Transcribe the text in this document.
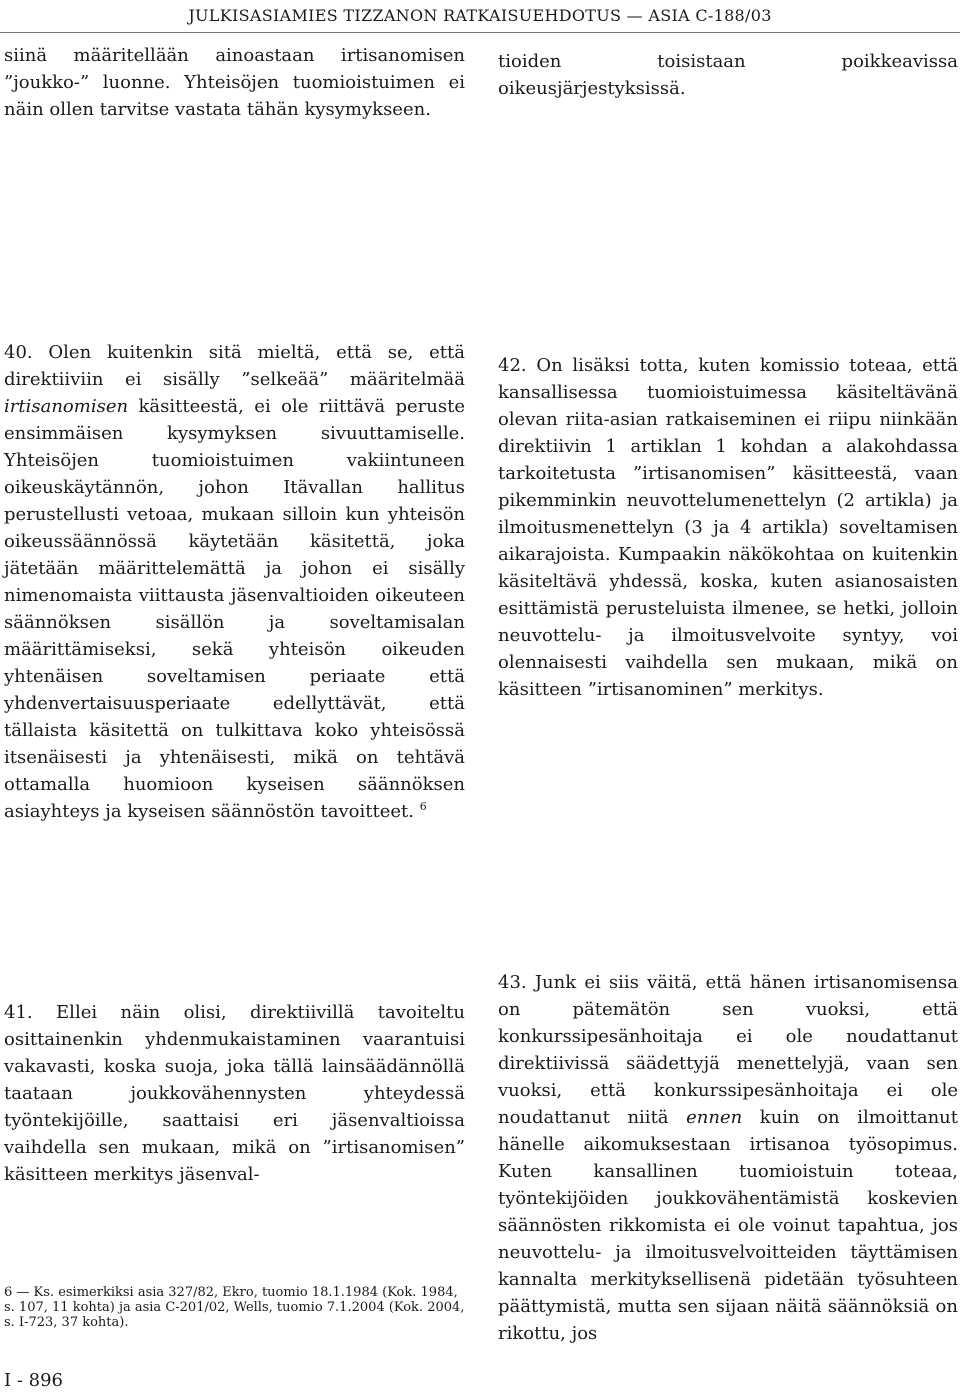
JULKISASIAMIES TIZZANON RATKAISUEHDOTUS — ASIA C-188/03

siinä määritellään ainoastaan irtisanomisen ”joukko-” luonne. Yhteisöjen tuomioistuimen ei näin ollen tarvitse vastata tähän kysymykseen.

tioiden toisistaan poikkeavissa oikeusjärjestyksissä.

40. Olen kuitenkin sitä mieltä, että se, että direktiiviin ei sisälly ”selkeää” määritelmää irtisanomisen käsitteestä, ei ole riittävä peruste ensimmäisen kysymyksen sivuuttamiselle. Yhteisöjen tuomioistuimen vakiintuneen oikeuskäytännön, johon Itävallan hallitus perustellusti vetoaa, mukaan silloin kun yhteisön oikeussäännössä käytetään käsitettä, joka jätetään määrittelemättä ja johon ei sisälly nimenomaista viittausta jäsenvaltioiden oikeuteen säännöksen sisällön ja soveltamisalan määrittämiseksi, sekä yhteisön oikeuden yhtenäisen soveltamisen periaate että yhdenvertaisuusperiaate edellyttävät, että tällaista käsitettä on tulkittava koko yhteisössä itsenäisesti ja yhtenäisesti, mikä on tehtävä ottamalla huomioon kyseisen säännöksen asiayhteys ja kyseisen säännöstön tavoitteet. $^6$

42. On lisäksi totta, kuten komissio toteaa, että kansallisessa tuomioistuimessa käsiteltävänä olevan riita-asian ratkaiseminen ei riipu niinkään direktiivin 1 artiklan 1 kohdan a alakohdassa tarkoitetusta ”irtisanomisen” käsitteestä, vaan pikemminkin neuvottelumenettelyn (2 artikla) ja ilmoitusmenettelyn (3 ja 4 artikla) soveltamisen aikarajoista. Kumpaakin näkökohtaa on kuitenkin käsiteltävä yhdessä, koska, kuten asianosaisten esittämistä perusteluista ilmenee, se hetki, jolloin neuvottelu- ja ilmoitusvelvoite syntyy, voi olennaisesti vaihdella sen mukaan, mikä on käsitteen ”irtisanominen” merkitys.

41. Ellei näin olisi, direktiivillä tavoiteltu osittainenkin yhdenmukaistaminen vaarantuisi vakavasti, koska suoja, joka tällä lainsäädännöllä taataan joukkovähennysten yhteydessä työntekijöille, saattaisi eri jäsenvaltioissa vaihdella sen mukaan, mikä on ”irtisanomisen” käsitteen merkitys jäsenval-

43. Junk ei siis väitä, että hänen irtisanomisensa on pätemätön sen vuoksi, että konkurssipesänhoitaja ei ole noudattanut direktiivissä säädettyjä menettelyjä, vaan sen vuoksi, että konkurssipesänhoitaja ei ole noudattanut niitä ennen kuin on ilmoittanut hänelle aikomuksestaan irtisanoa työsopimus. Kuten kansallinen tuomioistuin toteaa, työntekijöiden joukkovähentämistä koskevien säännösten rikkomista ei ole voinut tapahtua, jos neuvottelu- ja ilmoitusvelvoitteiden täyttämisen kannalta merkityksellisenä pidetään työsuhteen päättymistä, mutta sen sijaan näitä säännöksiä on rikottu, jos

6 — Ks. esimerkiksi asia 327/82, Ekro, tuomio 18.1.1984 (Kok. 1984, s. 107, 11 kohta) ja asia C-201/02, Wells, tuomio 7.1.2004 (Kok. 2004, s. I-723, 37 kohta).
I - 896
